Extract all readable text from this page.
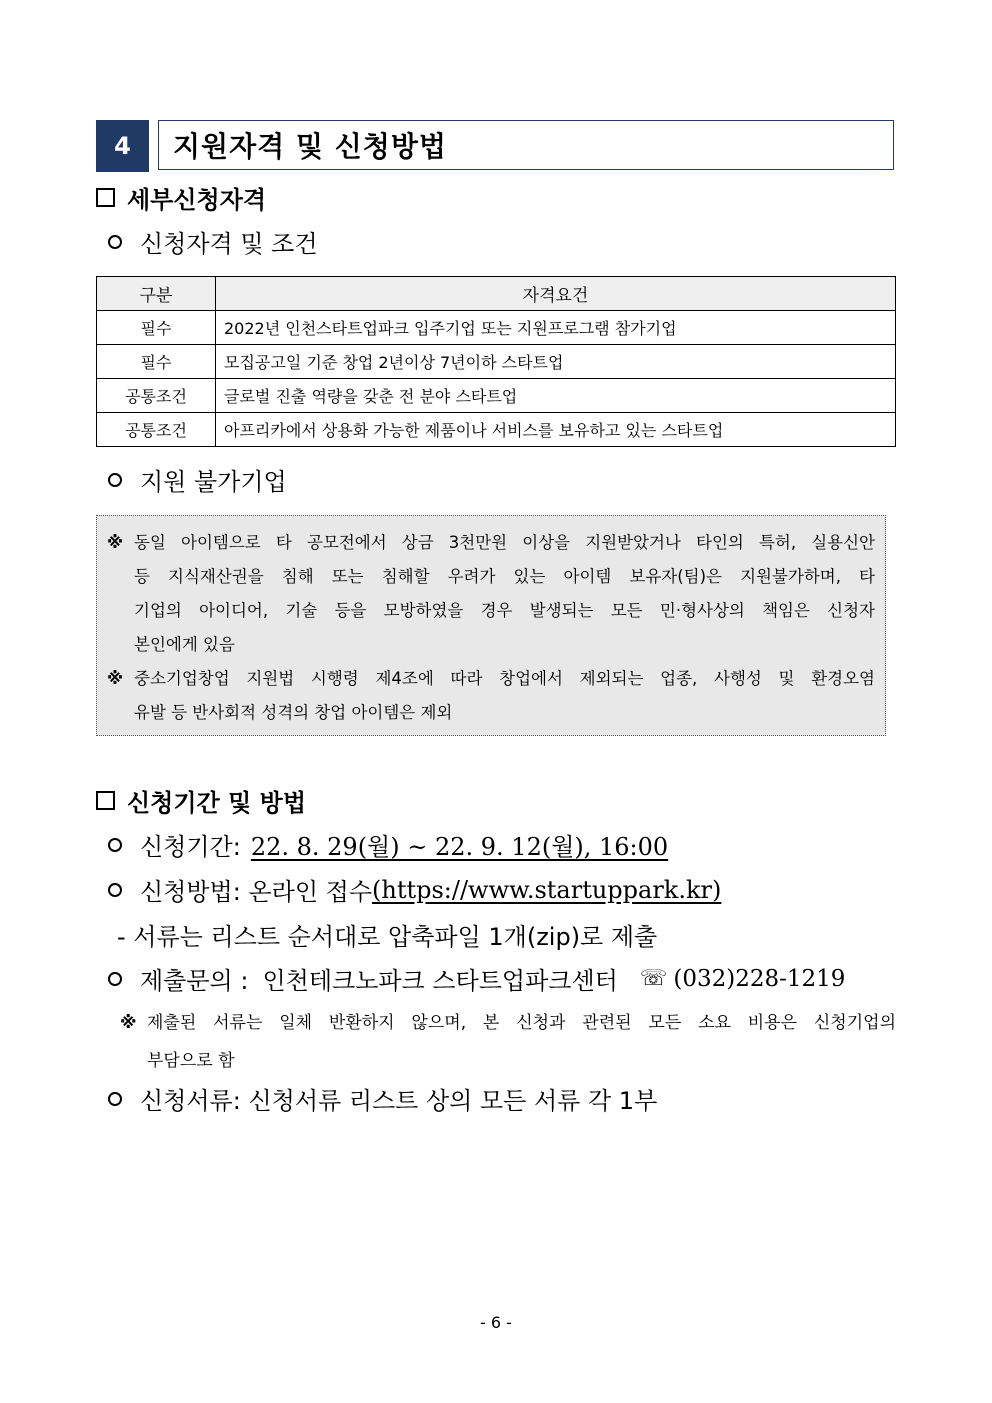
4	지원자격 및 신청방법
세부신청자격
신청자격 및 조건
구분	자격요건
필수	2022년 인천스타트업파크 입주기업 또는 지원프로그램 참가기업
필수	모집공고일 기준 창업 2년이상 7년이하 스타트업
공통조건	글로벌 진출 역량을 갖춘 전 분야 스타트업
공통조건	아프리카에서 상용화 가능한 제품이나 서비스를 보유하고 있는 스타트업
지원 불가기업
※ 동일 아이템으로 타 공모전에서 상금 3천만원 이상을 지원받았거나 타인의 특허, 실용신안
등 지식재산권을 침해 또는 침해할 우려가 있는 아이템 보유자(팀)은 지원불가하며, 타
기업의 아이디어, 기술 등을 모방하였을 경우 발생되는 모든 민·형사상의 책임은 신청자
본인에게 있음
※ 중소기업창업 지원법 시행령 제4조에 따라 창업에서 제외되는 업종, 사행성 및 환경오염
유발 등 반사회적 성격의 창업 아이템은 제외
신청기간 및 방법
신청기간: 22. 8. 29(월) ~ 22. 9. 12(월), 16:00
신청방법: 온라인 접수 (https://www.startuppark.kr)
- 서류는 리스트 순서대로 압축파일 1개(zip)로 제출
제출문의 : 인천테크노파크 스타트업파크센터 ☏ (032)228-1219
※ 제출된 서류는 일체 반환하지 않으며, 본 신청과 관련된 모든 소요 비용은 신청기업의
부담으로 함
신청서류: 신청서류 리스트 상의 모든 서류 각 1부
- 6 -
